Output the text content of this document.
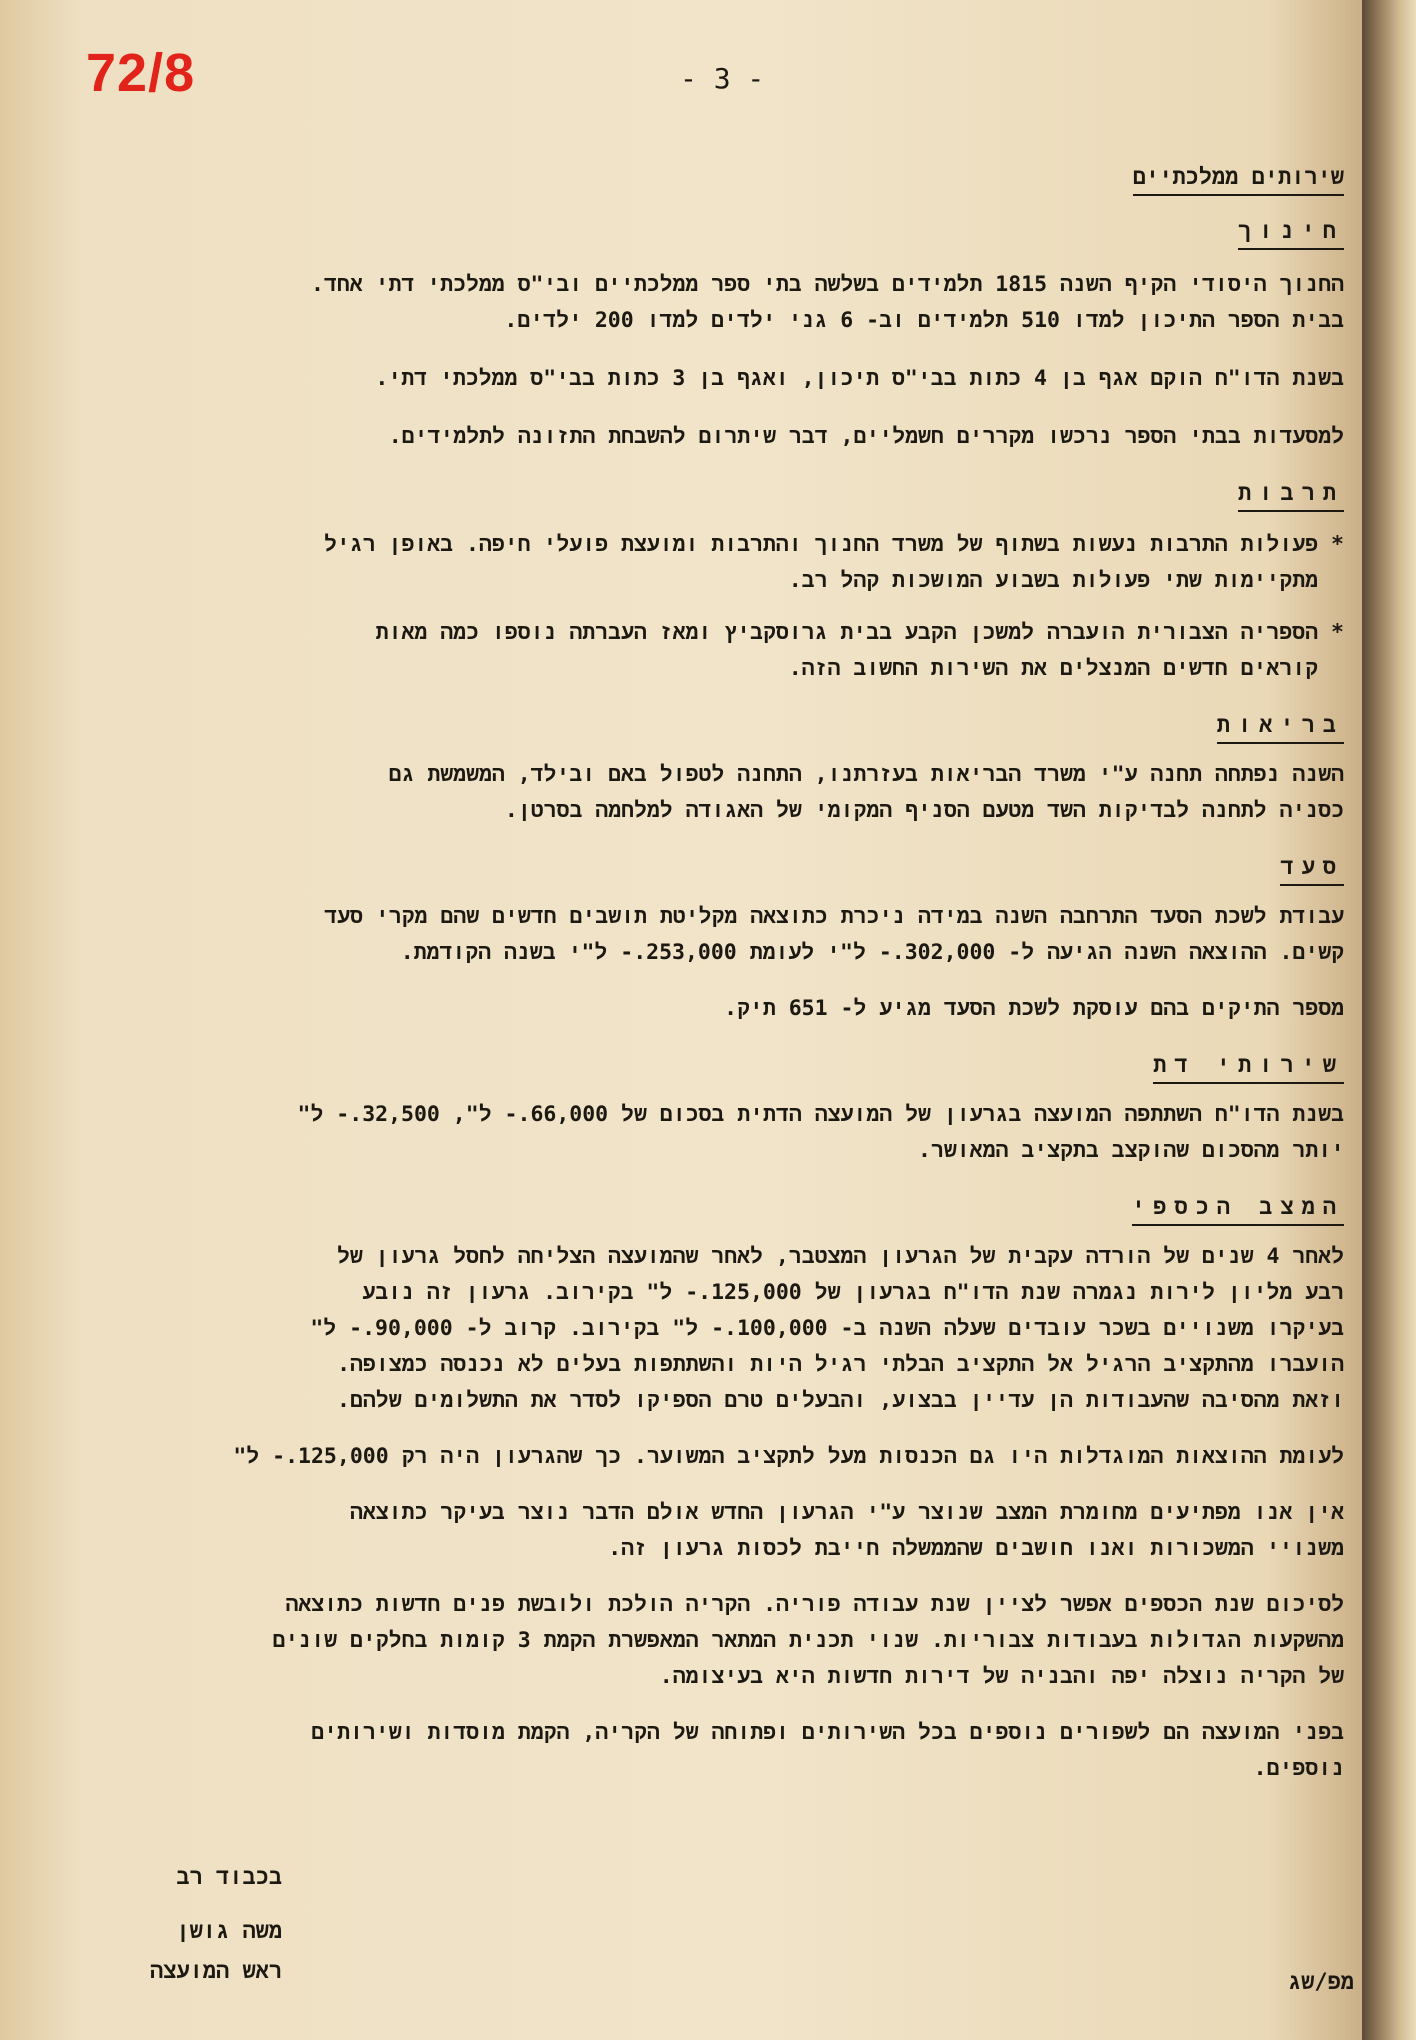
72/8	- 3 -
שירותים ממלכתיים
חינוך
החנוך היסודי הקיף השנה 1815 תלמידים בשלשה בתי ספר ממלכתיים ובי"ס ממלכתי דתי אחד.
בבית הספר התיכון למדו 510 תלמידים וב- 6 גני ילדים למדו 200 ילדים.
בשנת הדו"ח הוקם אגף בן 4 כתות בבי"ס תיכון, ואגף בן 3 כתות בבי"ס ממלכתי דתי.
למסעדות בבתי הספר נרכשו מקררים חשמליים, דבר שיתרום להשבחת התזונה לתלמידים.
תרבות
*
פעולות התרבות נעשות בשתוף של משרד החנוך והתרבות ומועצת פועלי חיפה. באופן רגיל
מתקיימות שתי פעולות בשבוע המושכות קהל רב.
*
הספריה הצבורית הועברה למשכן הקבע בבית גרוסקביץ ומאז העברתה נוספו כמה מאות
קוראים חדשים המנצלים את השירות החשוב הזה.
בריאות
השנה נפתחה תחנה ע"י משרד הבריאות בעזרתנו, התחנה לטפול באם ובילד, המשמשת גם
כסניה לתחנה לבדיקות השד מטעם הסניף המקומי של האגודה למלחמה בסרטן.
סעד
עבודת לשכת הסעד התרחבה השנה במידה ניכרת כתוצאה מקליטת תושבים חדשים שהם מקרי סעד
קשים. ההוצאה השנה הגיעה ל- 302,000.- ל"י לעומת 253,000.- ל"י בשנה הקודמת.
מספר התיקים בהם עוסקת לשכת הסעד מגיע ל- 651 תיק.
שירותי דת
בשנת הדו"ח השתתפה המועצה בגרעון של המועצה הדתית בסכום של 66,000.- ל", 32,500.- ל"
יותר מהסכום שהוקצב בתקציב המאושר.
המצב הכספי
לאחר 4 שנים של הורדה עקבית של הגרעון המצטבר, לאחר שהמועצה הצליחה לחסל גרעון של
רבע מליון לירות נגמרה שנת הדו"ח בגרעון של 125,000.- ל" בקירוב. גרעון זה נובע
בעיקרו משנויים בשכר עובדים שעלה השנה ב- 100,000.- ל" בקירוב. קרוב ל- 90,000.- ל"
הועברו מהתקציב הרגיל אל התקציב הבלתי רגיל היות והשתתפות בעלים לא נכנסה כמצופה.
וזאת מהסיבה שהעבודות הן עדיין בבצוע, והבעלים טרם הספיקו לסדר את התשלומים שלהם.
לעומת ההוצאות המוגדלות היו גם הכנסות מעל לתקציב המשוער. כך שהגרעון היה רק 125,000.- ל"
אין אנו מפתיעים מחומרת המצב שנוצר ע"י הגרעון החדש אולם הדבר נוצר בעיקר כתוצאה
משנויי המשכורות ואנו חושבים שהממשלה חייבת לכסות גרעון זה.
לסיכום שנת הכספים אפשר לציין שנת עבודה פוריה. הקריה הולכת ולובשת פנים חדשות כתוצאה
מהשקעות הגדולות בעבודות צבוריות. שנוי תכנית המתאר המאפשרת הקמת 3 קומות בחלקים שונים
של הקריה נוצלה יפה והבניה של דירות חדשות היא בעיצומה.
בפני המועצה הם לשפורים נוספים בכל השירותים ופתוחה של הקריה, הקמת מוסדות ושירותים
נוספים.
בכבוד רב
משה גושן
ראש המועצה	מפ/שג
